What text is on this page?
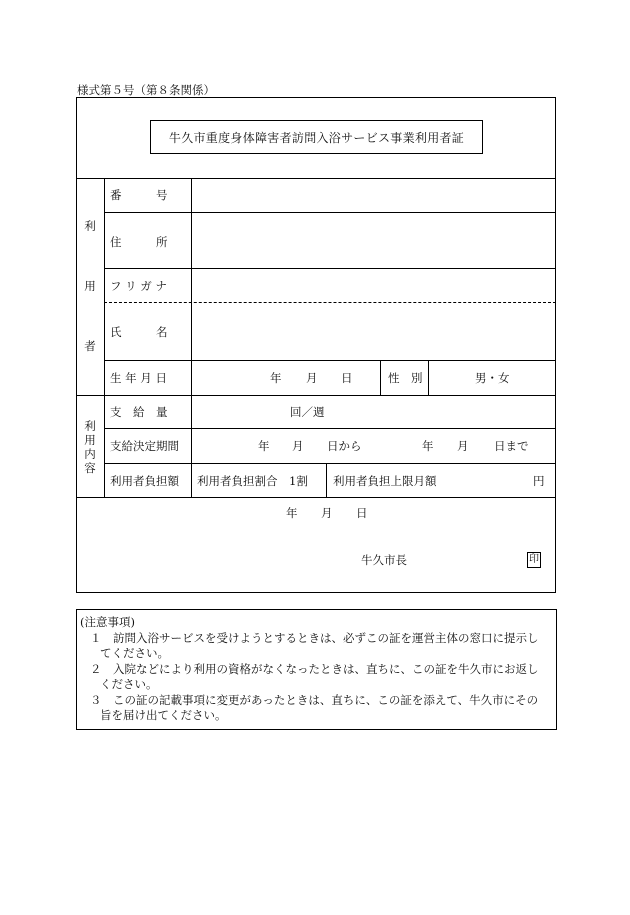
様式第５号（第８条関係）
牛久市重度身体障害者訪問入浴サービス事業利用者証
利
用
者
利
用
内
容
番　　　号
住　　　所
フ リ ガ ナ
氏　　　名
生 年 月 日	年 月 日	性　別	男・女
支　給　量	回／週
支給決定期間	年 月 日から	年 月 日まで
利用者負担額 利用者負担割合　1割 利用者負担上限月額	円
年 月 日
牛久市長	印
(注意事項)
１　訪問入浴サービスを受けようとするときは、必ずこの証を運営主体の窓口に提示し
てください。
２　入院などにより利用の資格がなくなったときは、直ちに、この証を牛久市にお返し
ください。
３　この証の記載事項に変更があったときは、直ちに、この証を添えて、牛久市にその
旨を届け出てください。
